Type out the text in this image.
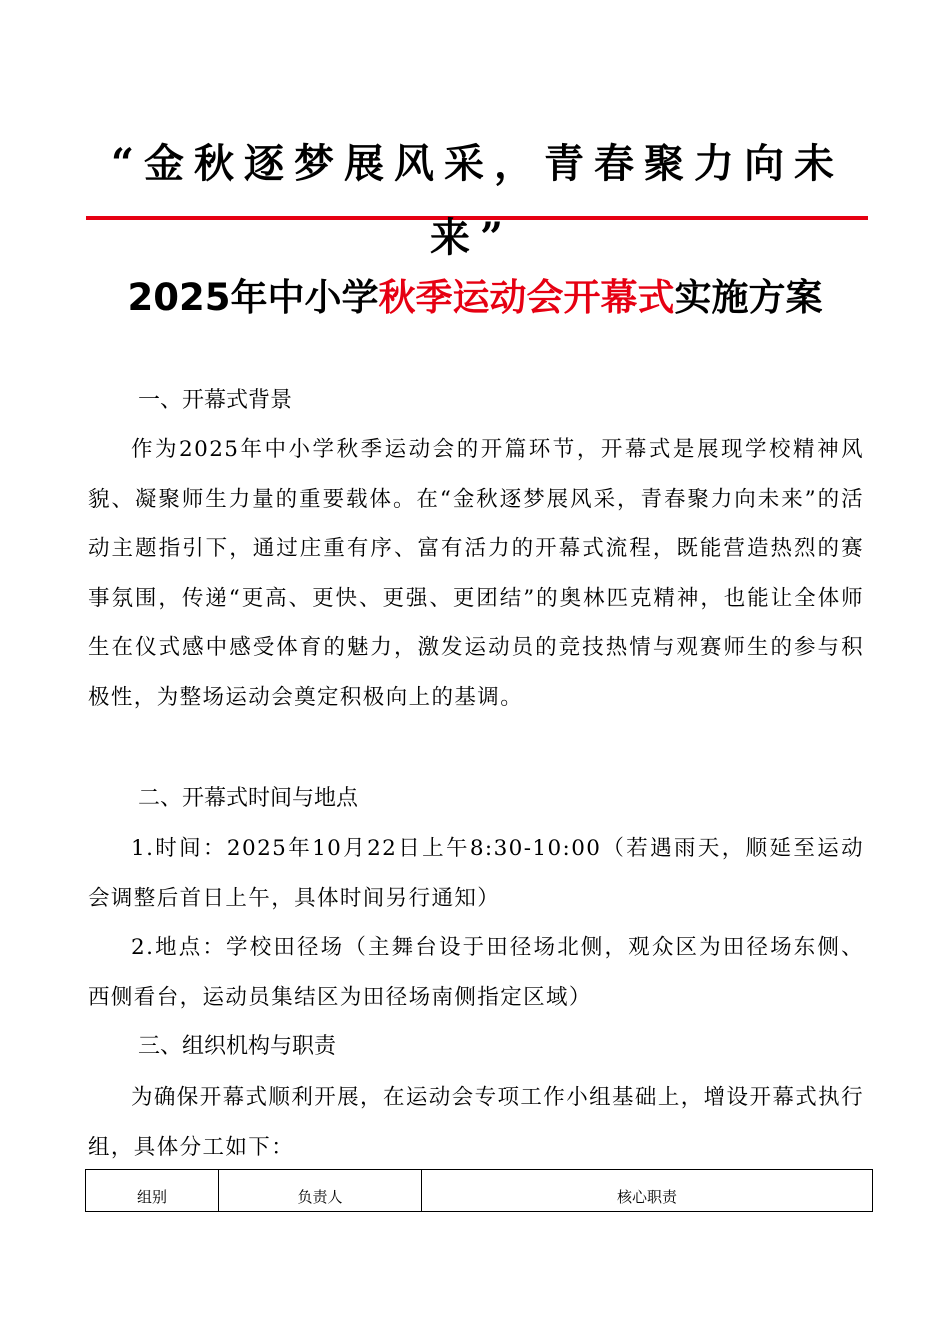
“金秋逐梦展风采，青春聚力向未
来”
2025年中小学秋季运动会开幕式实施方案
一、开幕式背景
作为2025年中小学秋季运动会的开篇环节，开幕式是展现学校精神风貌、凝聚师生力量的重要载体。在“金秋逐梦展风采，青春聚力向未来”的活动主题指引下，通过庄重有序、富有活力的开幕式流程，既能营造热烈的赛事氛围，传递“更高、更快、更强、更团结”的奥林匹克精神，也能让全体师生在仪式感中感受体育的魅力，激发运动员的竞技热情与观赛师生的参与积极性，为整场运动会奠定积极向上的基调。
二、开幕式时间与地点
1.时间：2025年10月22日上午8:30-10:00（若遇雨天，顺延至运动会调整后首日上午，具体时间另行通知）
2.地点：学校田径场（主舞台设于田径场北侧，观众区为田径场东侧、西侧看台，运动员集结区为田径场南侧指定区域）
三、组织机构与职责
为确保开幕式顺利开展，在运动会专项工作小组基础上，增设开幕式执行组，具体分工如下：
组别	负责人	核心职责
